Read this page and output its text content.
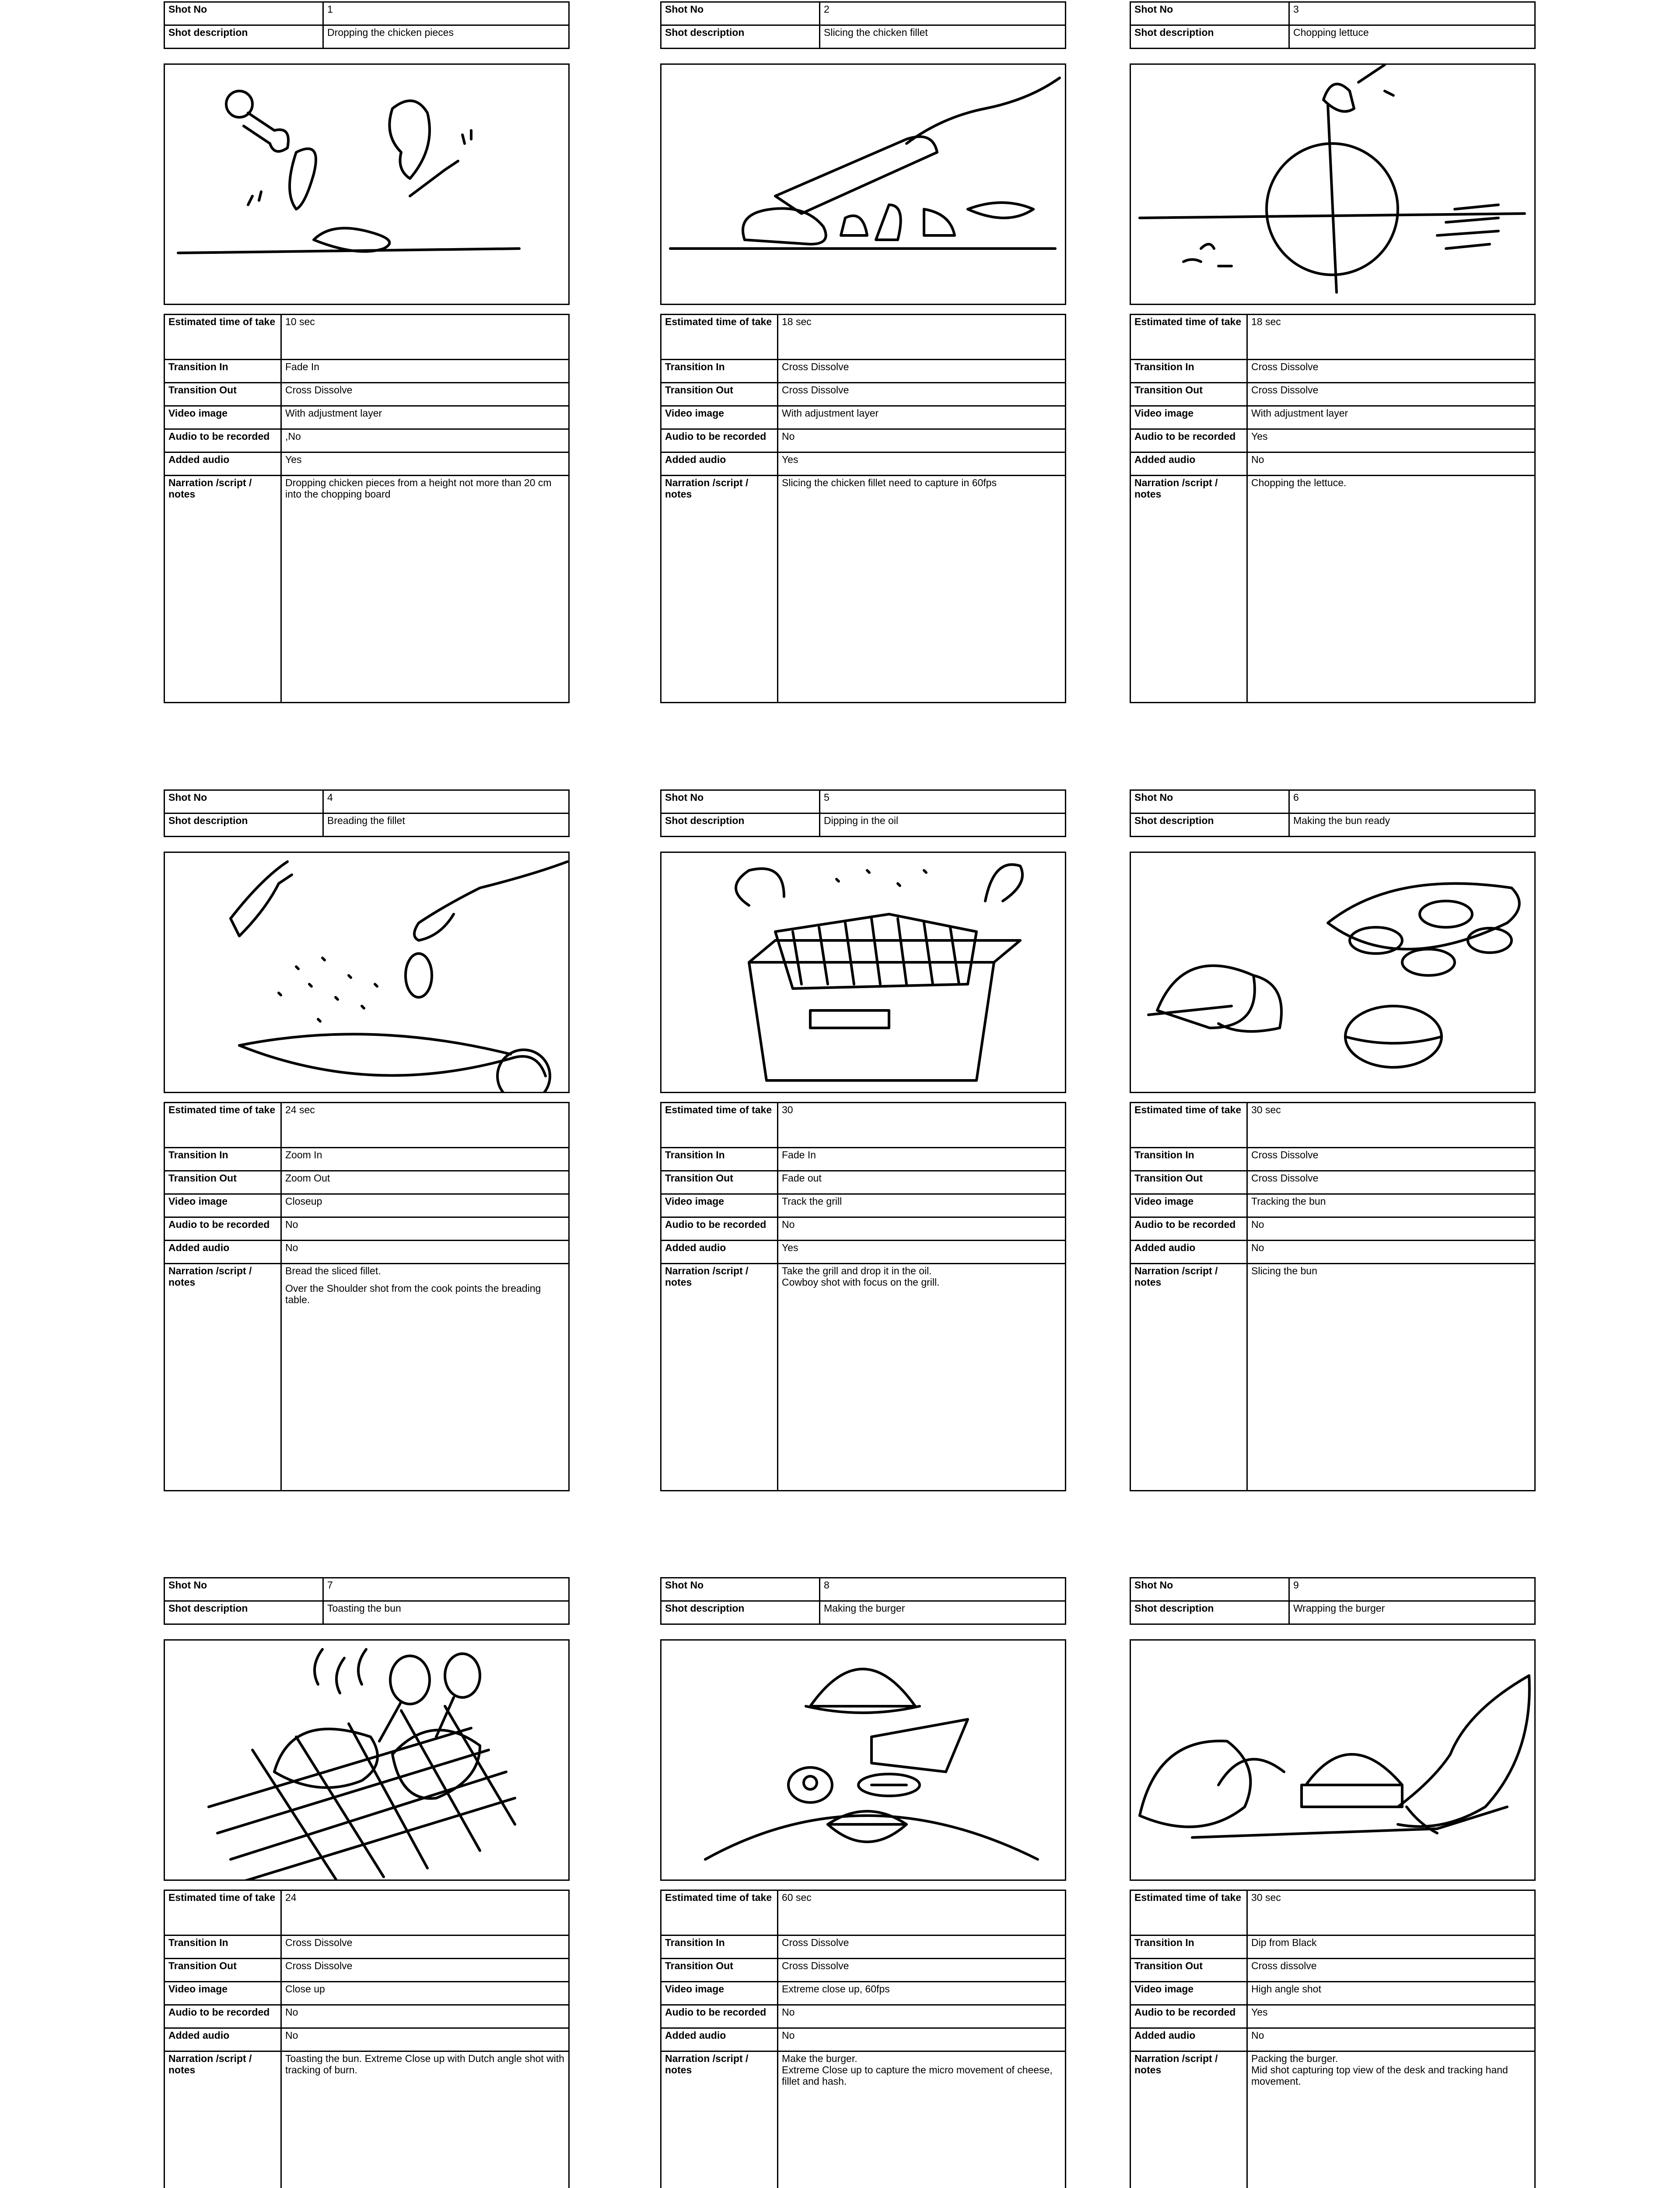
Shot No	1
Shot description	Dropping the chicken pieces
Estimated time of take	10 sec
Transition In	Fade In
Transition Out	Cross Dissolve
Video image	With adjustment layer
Audio to be recorded	,No
Added audio	Yes
Narration /script / notes	Dropping chicken pieces from a height not more than 20 cm into the chopping board
Shot No	2
Shot description	Slicing the chicken fillet
Estimated time of take	18 sec
Transition In	Cross Dissolve
Transition Out	Cross Dissolve
Video image	With adjustment layer
Audio to be recorded	No
Added audio	Yes
Narration /script / notes	Slicing the chicken fillet need to capture in 60fps
Shot No	3
Shot description	Chopping lettuce
Estimated time of take	18 sec
Transition In	Cross Dissolve
Transition Out	Cross Dissolve
Video image	With adjustment layer
Audio to be recorded	Yes
Added audio	No
Narration /script / notes	Chopping the lettuce.
Shot No	4
Shot description	Breading the fillet
Estimated time of take	24 sec
Transition In	Zoom In
Transition Out	Zoom Out
Video image	Closeup
Audio to be recorded	No
Added audio	No
Narration /script / notes	Bread the sliced fillet.
Over the Shoulder shot from the cook points the breading table.
Shot No	5
Shot description	Dipping in the oil
Estimated time of take	30
Transition In	Fade In
Transition Out	Fade out
Video image	Track the grill
Audio to be recorded	No
Added audio	Yes
Narration /script / notes	Take the grill and drop it in the oil.
Cowboy shot with focus on the grill.
Shot No	6
Shot description	Making the bun ready
Estimated time of take	30 sec
Transition In	Cross Dissolve
Transition Out	Cross Dissolve
Video image	Tracking the bun
Audio to be recorded	No
Added audio	No
Narration /script / notes	Slicing the bun
Shot No	7
Shot description	Toasting the bun
Estimated time of take	24
Transition In	Cross Dissolve
Transition Out	Cross Dissolve
Video image	Close up
Audio to be recorded	No
Added audio	No
Narration /script / notes	Toasting the bun. Extreme Close up with Dutch angle shot with tracking of burn.
Shot No	8
Shot description	Making the burger
Estimated time of take	60 sec
Transition In	Cross Dissolve
Transition Out	Cross Dissolve
Video image	Extreme close up, 60fps
Audio to be recorded	No
Added audio	No
Narration /script / notes	Make the burger.
Extreme Close up to capture the micro movement of cheese, fillet and hash.
Shot No	9
Shot description	Wrapping the burger
Estimated time of take	30 sec
Transition In	Dip from Black
Transition Out	Cross dissolve
Video image	High angle shot
Audio to be recorded	Yes
Added audio	No
Narration /script / notes	Packing the burger.
Mid shot capturing top view of the desk and tracking hand movement.
